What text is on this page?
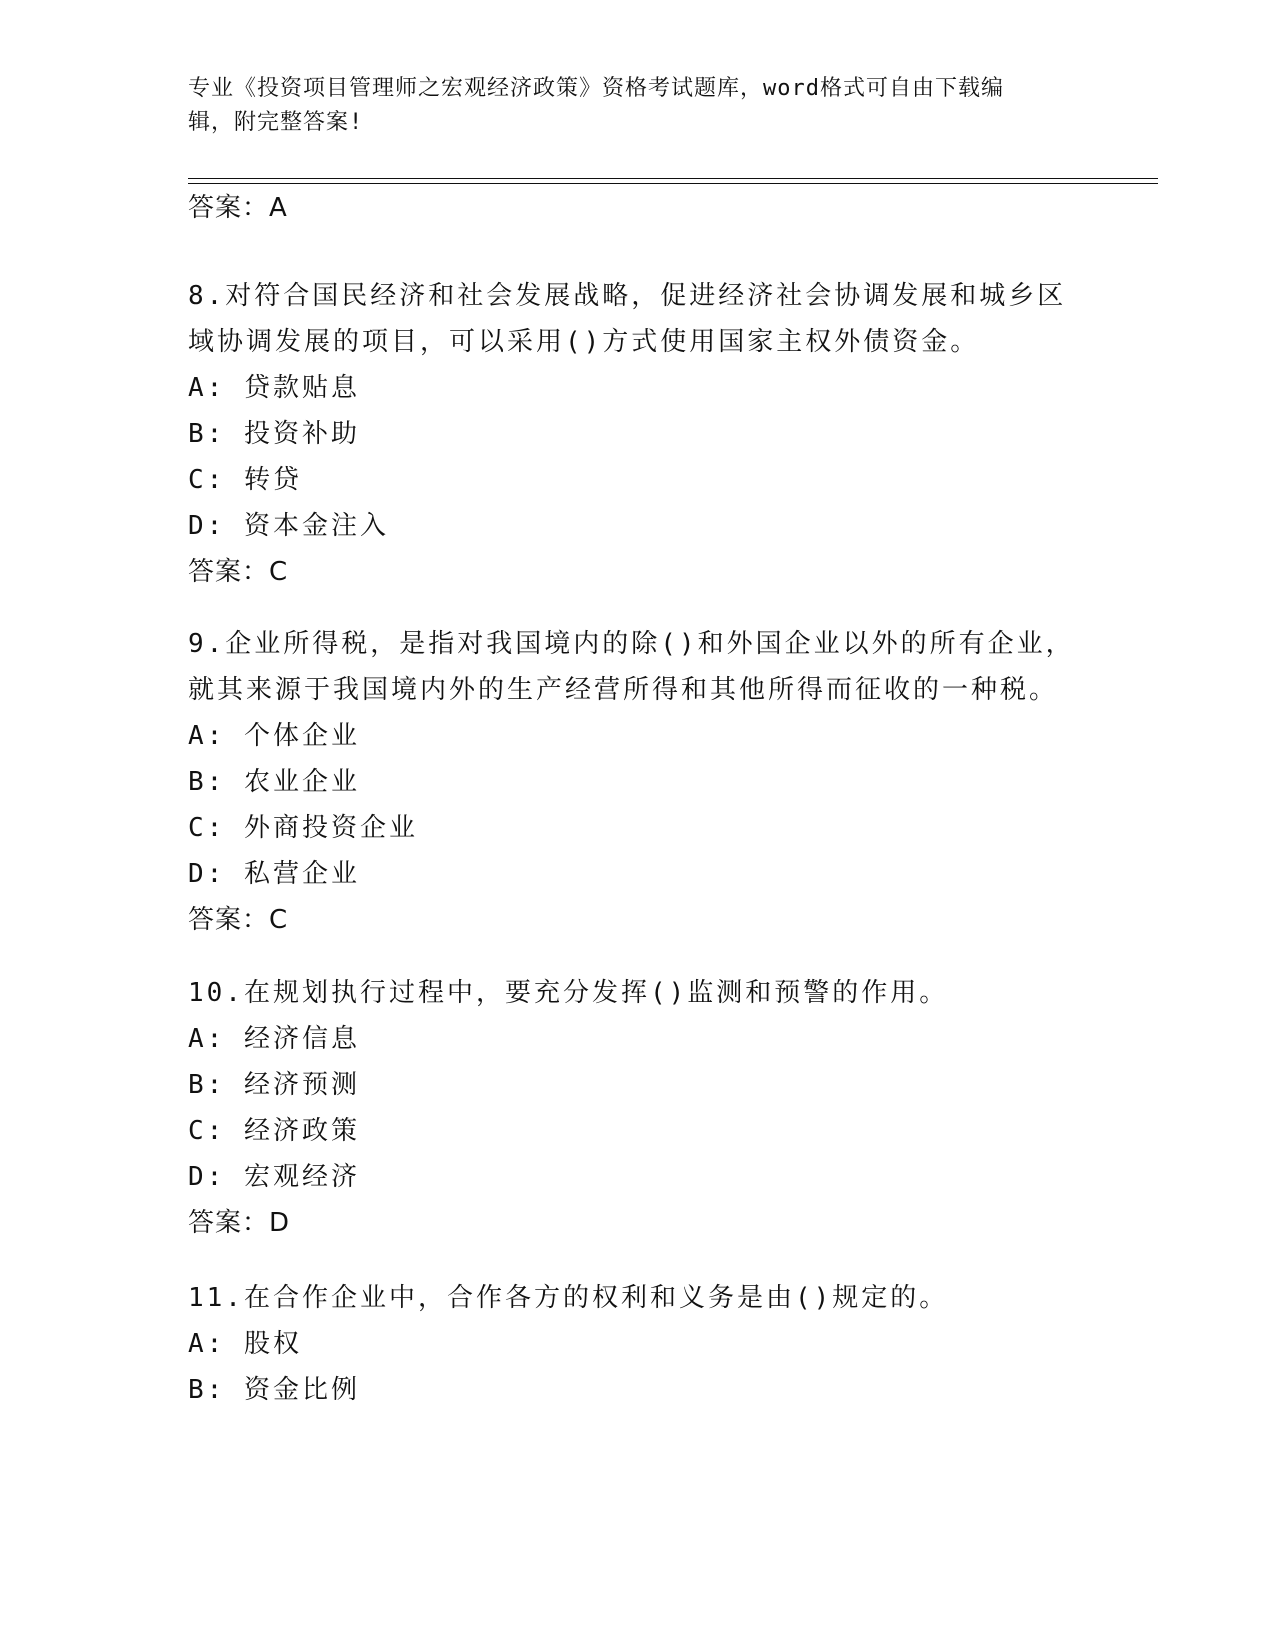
专业《投资项目管理师之宏观经济政策》资格考试题库，word格式可自由下载编
辑，附完整答案!
答案：A
8.对符合国民经济和社会发展战略，促进经济社会协调发展和城乡区
域协调发展的项目，可以采用()方式使用国家主权外债资金。
A: 贷款贴息
B: 投资补助
C: 转贷
D: 资本金注入
答案：C
9.企业所得税，是指对我国境内的除()和外国企业以外的所有企业，
就其来源于我国境内外的生产经营所得和其他所得而征收的一种税。
A: 个体企业
B: 农业企业
C: 外商投资企业
D: 私营企业
答案：C
10.在规划执行过程中，要充分发挥()监测和预警的作用。
A: 经济信息
B: 经济预测
C: 经济政策
D: 宏观经济
答案：D
11.在合作企业中，合作各方的权利和义务是由()规定的。
A: 股权
B: 资金比例
